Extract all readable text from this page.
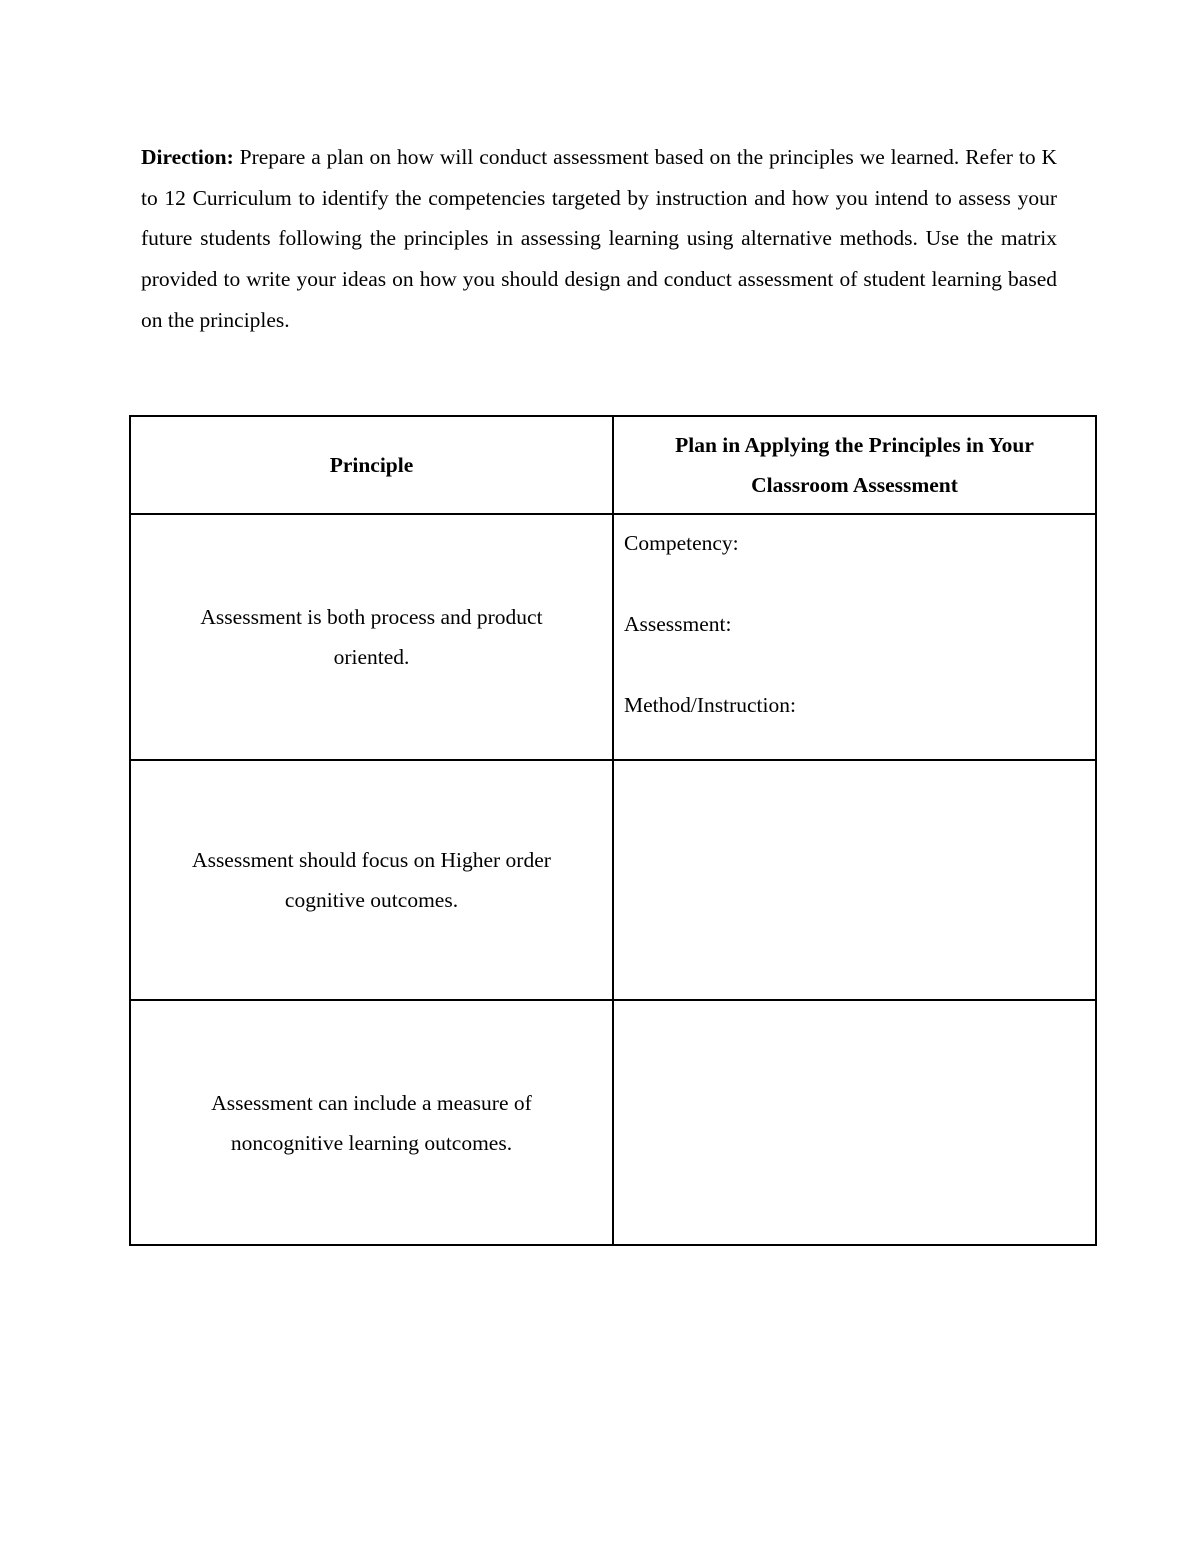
Direction: Prepare a plan on how will conduct assessment based on the principles we learned. Refer to K to 12 Curriculum to identify the competencies targeted by instruction and how you intend to assess your future students following the principles in assessing learning using alternative methods. Use the matrix provided to write your ideas on how you should design and conduct assessment of student learning based on the principles.

Principle	Plan in Applying the Principles in Your Classroom Assessment
Assessment is both process and product oriented.	Competency:
Assessment:
Method/Instruction:

Assessment should focus on Higher order cognitive outcomes.	
Assessment can include a measure of noncognitive learning outcomes.	
